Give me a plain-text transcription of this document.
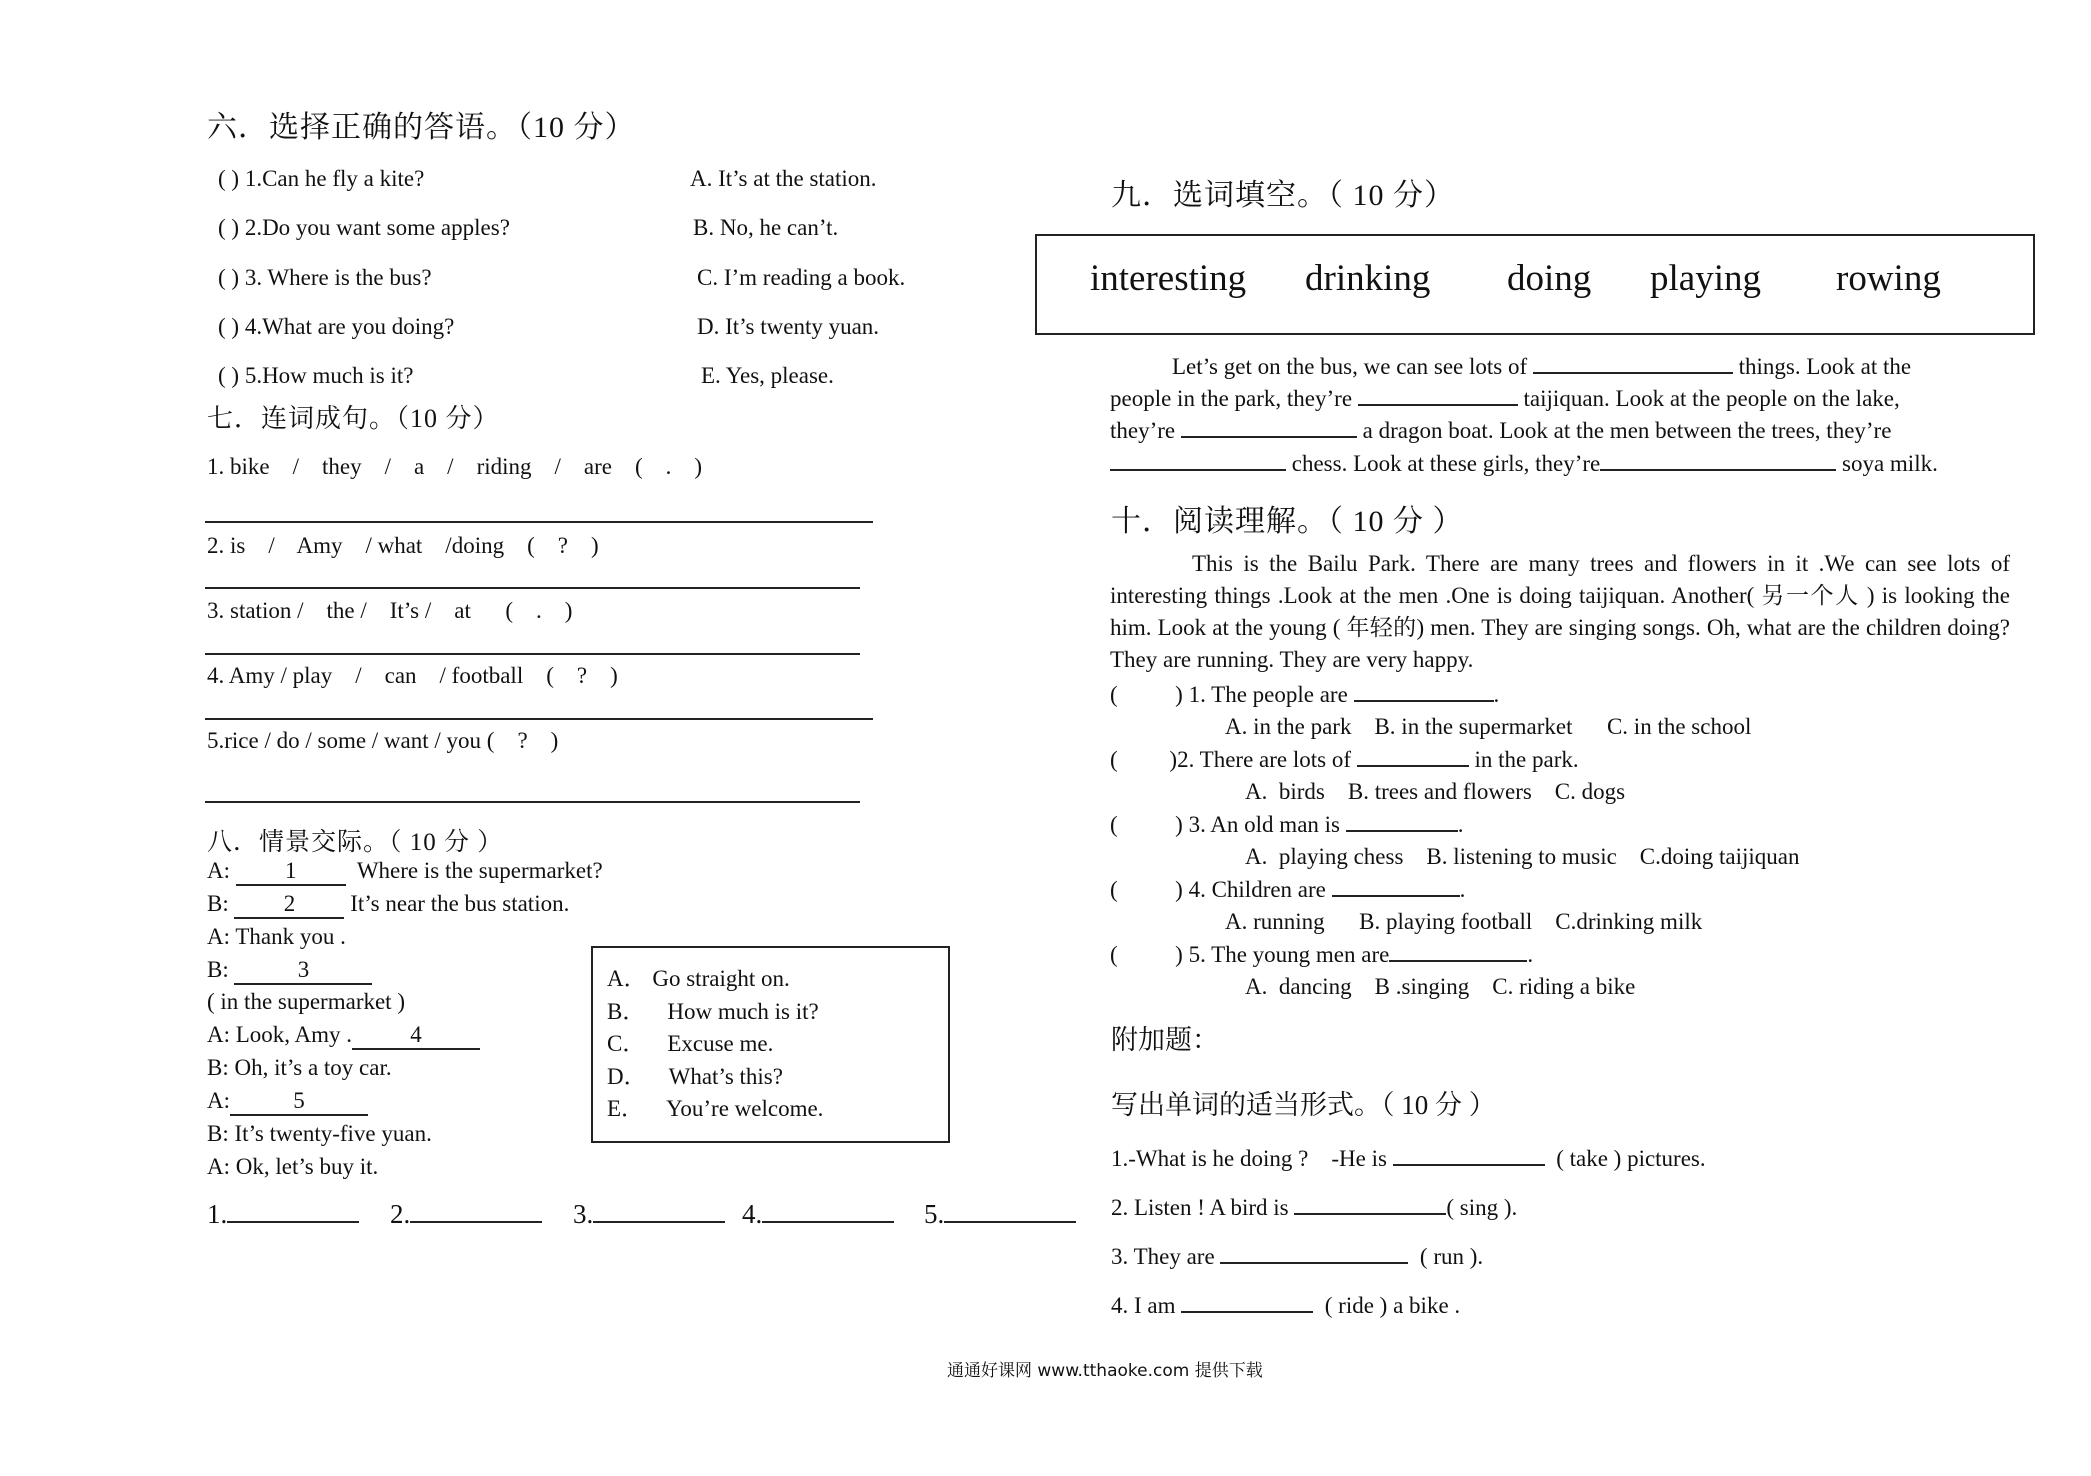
六．选择正确的答语。（10 分）
( ) 1.Can he fly a kite?
( ) 2.Do you want some apples?
( ) 3. Where is the bus?
( ) 4.What are you doing?
( ) 5.How much is it?
A. It’s at the station.
B. No, he can’t.
C. I’m reading a book.
D. It’s twenty yuan.
E. Yes, please.
七．连词成句。（10 分）
1. bike    /    they    /    a    /    riding    /    are    (    .    )
2. is    /    Amy    / what    /doing    (    ?    )
3. station /    the /    It’s /    at      (    .    )
4. Amy / play    /    can    / football    (    ?    )
5.rice / do / some / want / you (    ?    )
八．情景交际。（ 10 分 ）
A: 1  Where is the supermarket?
B: 2 It’s near the bus station.
A: Thank you .
B:	3
( in the supermarket )
A: Look, Amy .	4
B: Oh, it’s a toy car.
A:	5
B: It’s twenty-five yuan.
A: Ok, let’s buy it.
A． Go straight on.
B． How much is it?
C． Excuse me.
D． What’s this?
E． You’re welcome.
1.	2.	3.	4.	5.
九．选词填空。（ 10 分）
interesting drinking doing playing rowing
Let’s get on the bus, we can see lots of	things. Look at the
people in the park, they’re	taijiquan. Look at the people on the lake,
they’re	a dragon boat. Look at the men between the trees, they’re
chess. Look at these girls, they’re	soya milk.
十．阅读理解。（ 10 分 ）
This is the Bailu Park. There are many trees and flowers in it .We can see lots of interesting things .Look at the men .One is doing taijiquan. Another( 另一个人 ) is looking the him. Look at the young ( 年轻的) men. They are singing songs. Oh, what are the children doing? They are running. They are very happy.
(          ) 1. The people are	.
A. in the park    B. in the supermarket      C. in the school
(         )2. There are lots of	in the park.
A.  birds    B. trees and flowers    C. dogs
(          ) 3. An old man is	.
A.  playing chess    B. listening to music    C.doing taijiquan
(          ) 4. Children are	.
A. running      B. playing football    C.drinking milk
(          ) 5. The young men are	.
A.  dancing    B .singing    C. riding a bike
附加题：
写出单词的适当形式。（ 10 分 ）
1.-What is he doing ?    -He is	( take ) pictures.
2. Listen ! A bird is	( sing ).
3. They are	( run ).
4. I am	( ride ) a bike .
通通好课网 www.tthaoke.com 提供下载
